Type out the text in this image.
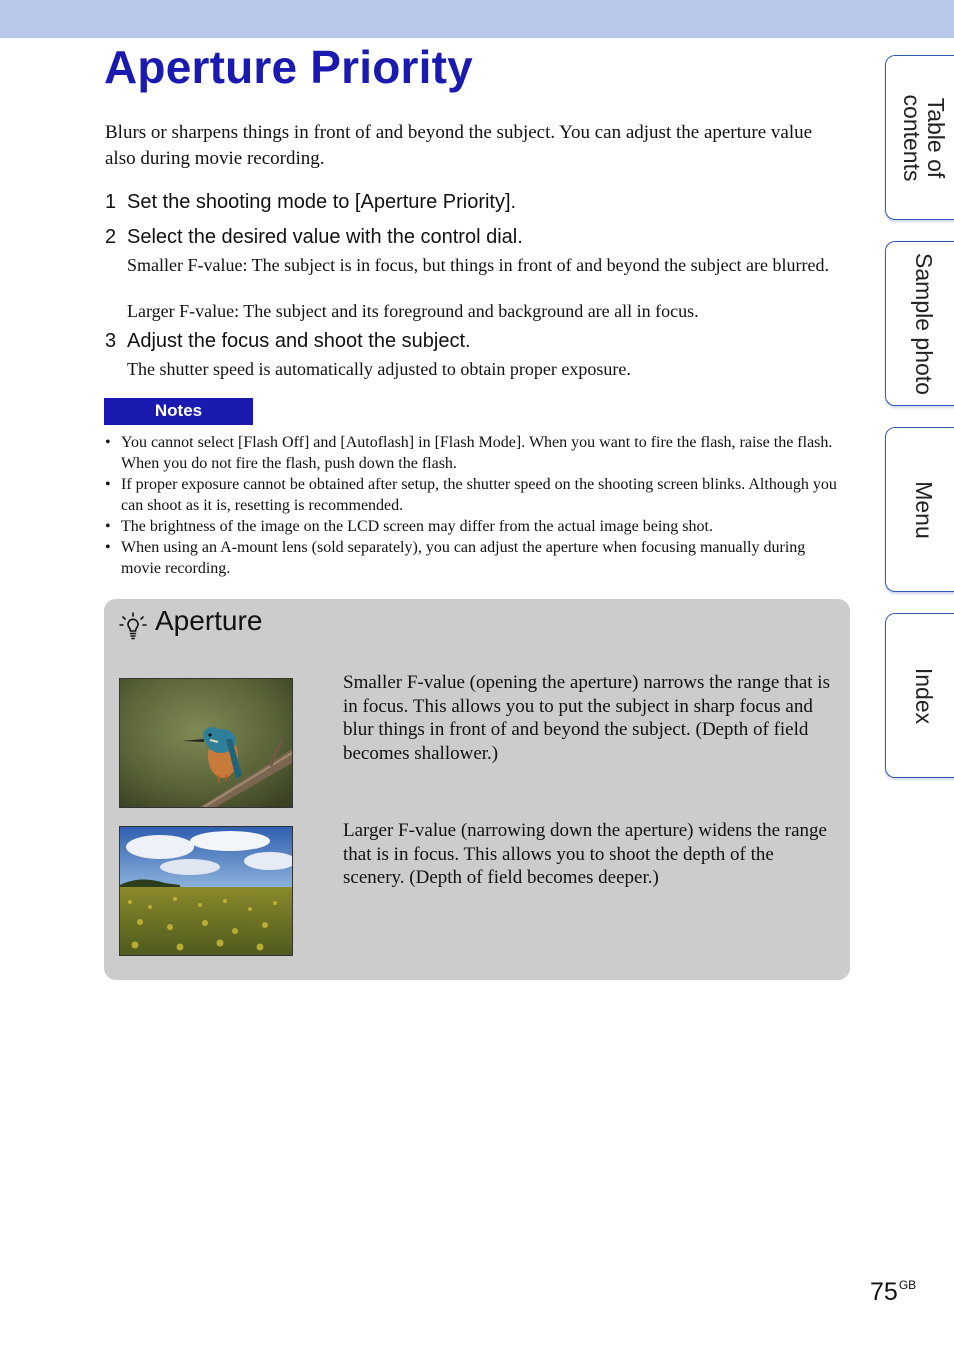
Aperture Priority

Blurs or sharpens things in front of and beyond the subject. You can adjust the aperture value also during movie recording.

1 Set the shooting mode to [Aperture Priority].
2 Select the desired value with the control dial.

Smaller F-value: The subject is in focus, but things in front of and beyond the subject are blurred.

Larger F-value: The subject and its foreground and background are all in focus.

3 Adjust the focus and shoot the subject.

The shutter speed is automatically adjusted to obtain proper exposure.

Notes
• You cannot select [Flash Off] and [Autoflash] in [Flash Mode]. When you want to fire the flash, raise the flash. When you do not fire the flash, push down the flash.
• If proper exposure cannot be obtained after setup, the shutter speed on the shooting screen blinks. Although you can shoot as it is, resetting is recommended.
• The brightness of the image on the LCD screen may differ from the actual image being shot.
• When using an A-mount lens (sold separately), you can adjust the aperture when focusing manually during movie recording.
Aperture

Smaller F-value (opening the aperture) narrows the range that is in focus. This allows you to put the subject in sharp focus and blur things in front of and beyond the subject. (Depth of field becomes shallower.)

Larger F-value (narrowing down the aperture) widens the range that is in focus. This allows you to shoot the depth of the scenery. (Depth of field becomes deeper.)

Table of
contents
Sample photo
Menu
Index
$75^{GB}$
